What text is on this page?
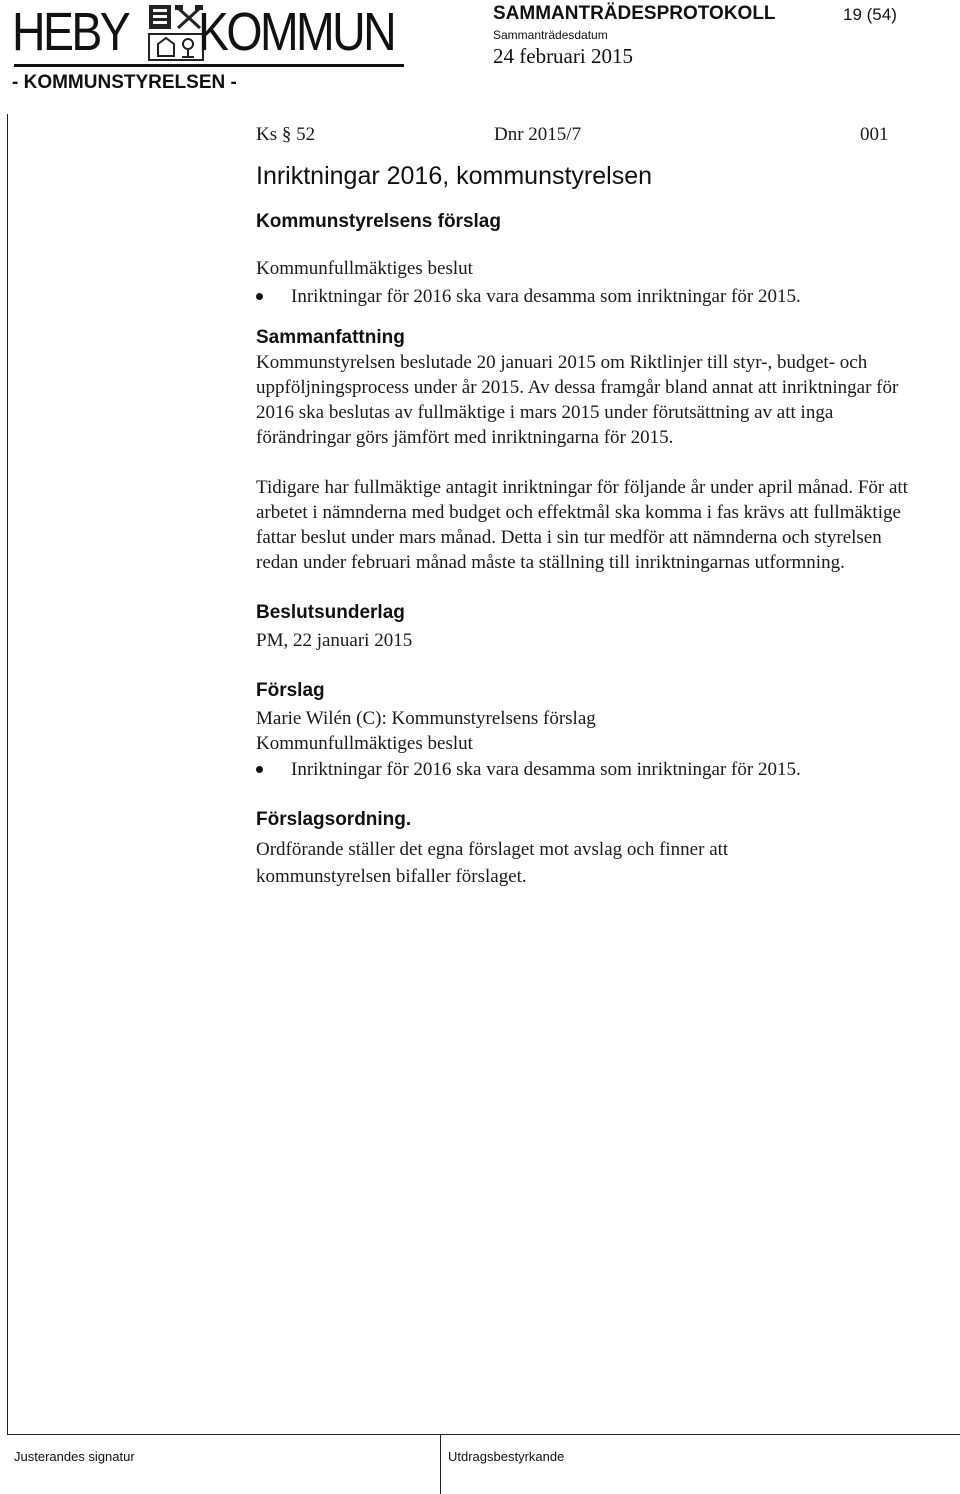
HEBY KOMMUN
- KOMMUNSTYRELSEN -
SAMMANTRÄDESPROTOKOLL	19 (54)
Sammanträdesdatum
24 februari 2015
Ks § 52	Dnr 2015/7	001
Inriktningar 2016, kommunstyrelsen
Kommunstyrelsens förslag

Kommunfullmäktiges beslut

Inriktningar för 2016 ska vara desamma som inriktningar för 2015.
Sammanfattning

Kommunstyrelsen beslutade 20 januari 2015 om Riktlinjer till styr-, budget- och uppföljningsprocess under år 2015. Av dessa framgår bland annat att inriktningar för 2016 ska beslutas av fullmäktige i mars 2015 under förutsättning av att inga förändringar görs jämfört med inriktningarna för 2015.

Tidigare har fullmäktige antagit inriktningar för följande år under april månad. För att arbetet i nämnderna med budget och effektmål ska komma i fas krävs att fullmäktige fattar beslut under mars månad. Detta i sin tur medför att nämnderna och styrelsen redan under februari månad måste ta ställning till inriktningarnas utformning.

Beslutsunderlag

PM, 22 januari 2015

Förslag

Marie Wilén (C): Kommunstyrelsens förslag

Kommunfullmäktiges beslut

Inriktningar för 2016 ska vara desamma som inriktningar för 2015.
Förslagsordning.

Ordförande ställer det egna förslaget mot avslag och finner att

kommunstyrelsen bifaller förslaget.

Justerandes signatur	Utdragsbestyrkande
